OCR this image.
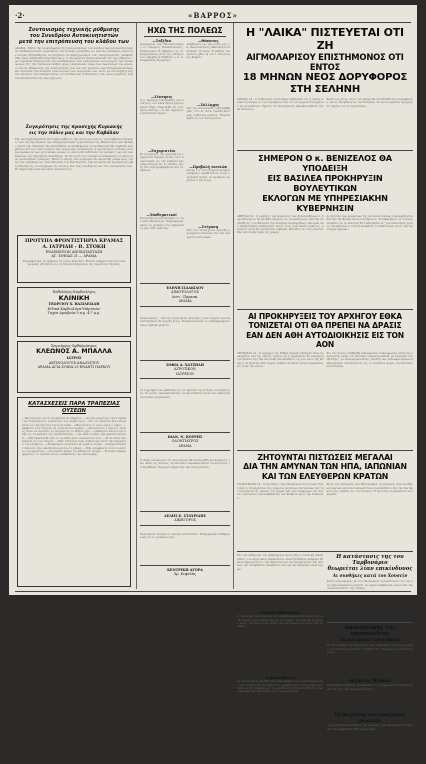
·2·	«ΒΑΡΡΟΣ»
Συντονισμός τεχνικής ρύθμισης
του Συνεδρίου Αυτοκινητιστών
μετά την επιτρόπευση του κλάδου των
ΔΡΑΜΑ · Μετά την ολοκλήρωσιν της επιτροπεύσεως του κλάδου των αυτοκινητιστών αι συνδικαλιστικαί οργανώσεις της πόλεως συνήλθον εις ευρείαν σύσκεψιν, κατά την οποίαν εξητάσθησαν τα ζητήματα τα απασχολούντα τους επαγγελματίας. Απεφασίσθη όπως υποβληθή υπόμνημα προς το Υπουργείον Συγκοινωνιών δια την ρύθμισιν των τεχνικών θεμάτων και την αναθεώρησιν των κανονισμών λειτουργίας των πρακτορείων. Εις την σύσκεψιν έλαβον μέρος εκπρόσωποι όλων των σωματείων του νομού, οι οποίοι εξέφρασαν την ικανοποίησίν των δια την πρόοδον των διαπραγματεύσεων και ετόνισαν την ανάγκην συντονισμού των ενεργειών των, ώστε να επιτευχθή η ταχεία επίλυσις των εκκρεμοτήτων του κλάδου και η βελτίωσις των όρων εργασίας των αυτοκινητιστών της περιοχής μας.
Συγκρότησις της προσεχής Κυριακής
εις την πόλιν μας και την Καβάλαν
Την προσεχή Κυριακήν θα συγκροτηθή εις την πόλιν μας και εις την Καβάλαν σύσκεψις των αντιπροσώπων των επαγγελματικών οργανώσεων της Μακεδονίας και Θράκης. Κατά την σύσκεψιν θα συζητηθούν τα προβλήματα του κλάδου και θα ληφθούν αποφάσεις δια τον συντονισμόν των ενεργειών. Αναμένεται η προσέλευσις πολλών αντιπροσώπων εκ των γειτονικών νομών, οι οποίοι θα εκθέσουν τας απόψεις των επί των θεμάτων της ημερησίας διατάξεως. Η επιτροπή του συνεδρίου παρακαλεί τα μέλη όπως προσέλθουν εγκαίρως. Μετά το πέρας των εργασιών θα παρατεθή γεύμα προς τιμήν των συνέδρων εις την αίθουσαν του ξενοδοχείου. Την επομένην θα πραγματοποιηθή εκδρομή εις τα περίχωρα της πόλεως δια τους συνέδρους και τας οικογενείας των. Η συμμετοχή όλων κρίνεται απαραίτητος.
ΠΡΟΤΥΠΑ ΦΡΟΝΤΙΣΤΗΡΙΑ ΚΡΑΜΑΣ
Α. ΙΑΤΡΙΔΗ - Β. ΣΤΟΚΗ
ΕΝΔΕΙΚΝΥΩΝ ΑΠΟΚΑΤΑΣΤΑΣΗ
ΑΓ. ΣΟΦΙΑΣ 21 — ΔΡΑΜΑ
Εγγραφαί δια τα τμήματα της νέας περιόδου. Ειδικά τμήματα δια τας εισαγωγικάς εξετάσεις εις τα Πανεπιστήμια και τας Ανωτάτας Σχολάς.
Παθολόγος-Καρδιολόγος
ΚΛΙΝΙΚΗ
ΓΕΩΡΓΙΟΥ Χ. ΒΑΣΙΛΕΙΑΔΗ
Ειδικά Καρδιολόγα-Υπέρτασιν
Ταχέα Αμοιβαία 9 π.μ. 4-7 μ.μ.
Χειρούργος Οφθαλμίατρος
ΚΛΕΩΝΟΣ Α. ΜΠΑΛΛΑ
ΙΑΤΡΟΣ
ΑΚΤΙΝΟΛΟΓΟΣ-ΑΝΑΛΥΣΤΟΥ
ΔΡΑΜΑ ΑΓΙΑ ΣΟΦΙΑ 29 ΕΝΑΝΤΙ ΠΑΡΚΟΥ
ΚΑΤΑΣΧΕΣΕΙΣ ΠΑΡΑ ΤΡΑΠΕΖΙΑΣ ΟΥΣΕΩΝ
—Μη ανοίγετε ποτέ μια φιάλην με σφυρίον. —Αν δεν γνωρίζετε πότε πρέπει να σταματήσετε, ερωτήσατε τον σερβιτόρον. —Εις τα τραπέζια δεν επιτρέπεται να ομιλήτε δια την πολιτικήν. —Μην πίνετε το νερό όπως ο ίππος. —Αφήσατε τους άλλους να τελειώσουν πρώτοι. —Απεναντίας ο σωστός τρόπος είναι να κρατάτε το μαχαίρι με το δεξιόν χέρι. —Ουδέποτε κάνετε κριτικήν εις τα φαγητά της οικοδεσποίνης. —Αν είναι σούπα, μην φυσάτε δυνατά. —Μη σηκώνεσθε από το τραπέζι πριν τελειώσουν όλοι. —Η πετσέτα δεν δένεται εις τον λαιμόν. —Μην συζητάτε περί ασθενειών κατά την διάρκειαν του γεύματος. —Αποφεύγετε να μιλάτε με γεμάτο στόμα. —Ευχαριστήσατε πάντοτε την οικοδέσποιναν δια το γεύμα. —Μην αναφέρετε ποτέ το κόστος των φαγητών. —Τα παιδιά πρέπει να κάθωνται ήσυχα. —Η καλή συμπεριφορά εις το τραπέζι είναι ο καθρέπτης της ανατροφής.
ΗΧΩ ΤΗΣ ΠΟΛΕΩΣ
—Ταξίδια
Ανεχώρησε δια Θεσσαλονίκην ο κ. Γεώργιος Παπαδόπουλος. Επέστρεψεν εξ Αθηνών ο κ. Ν. Καραγιάννης μετά της συζύγου του. Αφίχθη εκ Καβάλας ο κ. Δ. Στεφανίδης δικηγόρος.
—Γέννησις
Ο κ. Ιωάννης Παπαδάκης και η σύζυγός του απέκτησαν χαριτωμένον θήλυ. Ευχόμεθα να τους ζήση. Επίσης ο κ. Αθ. Δημητρίου απέκτησεν άρρεν.
—Ευχαριστίαι
Η οικογένεια του αειμνήστου ευχαριστεί θερμώς όλους όσοι παρέστησαν εις την κηδείαν και συμμετέσχον εις το πένθος αυτής δια τηλεγραφημάτων και στεφάνων.
—Υποθεματικοί
Ενοικιάζεται κατάστημα εις την οδόν Βενιζέλου. Πληροφορίαι παρά τω γραφείω της εφημερίδος μας καθ' εκάστην.
—Θάνατος
Απεβίωσεν εις την πόλιν μας ο κ. Κωνσταντίνος Αθανασίου σε ηλικίαν 72 ετών. Η κηδεία του εγένετο χθες εκ του Ι. Ναού Αγίας Σοφίας.
—Σύλληψις
Υπό της Αστυνομίας συνελήφθη χθες ο Π. Κ., διότι ευρέθη κατέχων λαθραίον καπνόν. Παρεπέμφθη εις τον Εισαγγελέα.
—Προβολή ταινιών
Απόψε εις τον κινηματογράφον «Ορφεύς» προβάλλεται η νέα ελληνική ταινία. Αι προβολαί αρχίζουν 7 και 9 μ.μ.
—Στέγαση
Υπό του Υπουργείου εγκρίθη η χορήγησις δανείων δια την ανέγερσιν κατοικιών.
ΕΛΕΝΗ ΙΣΑΑΚΙΔΟΥ
ΑΙΜΟΤΟΛΟΓΟΣ
Δευτ.- Παρασκ.
ΔΡΑΜΑ
Ανακοίνωσις · Από της προσεχούς Δευτέρας η λειτουργία των καταστημάτων θα αρχίζη 8 π.μ. Παρακαλούνται οι ενδιαφερόμενοι όπως λάβουν γνώσιν.
ΣΟΦΙΑ Α. ΧΑΤΖΗΔΗ
ΑΓΡΟΤΙΚΟΝ
ΙΑΤΡΕΙΟΝ
Αι εγγραφαί των μαθητών εις τα σχολεία της πόλεως συνεχίζονται. Οι γονείς παρακαλούνται να προσέλθουν μετά των απαραιτήτων δικαιολογητικών.
ΙΩΑΝ. Ν. ΚΟΥΡΗΣ
ΟΔΟΝΤΙΑΤΡΟΣ
ΔΡΑΜΑ
Ο Δήμος ανακοινοί ότι από αύριον θα διενεργηθή απολύμανσις των οδών της πόλεως. Οι κάτοικοι παρακαλούνται να κλείσουν τα παράθυρα. Ευχαριστούμεν δια την συνεργασίαν.
ΔΕΛΗΣ Ε. ΣΤΑΥΡΙΔΗΣ
ΔΙΚΗΓΟΡΟΣ
Πωλούνται έπιπλα εις καλήν κατάστασιν. Πληροφορίαι καθημερινώς εις το γραφείον μας.
ΚΕΝΤΡΙΚΗ ΑΓΟΡΑ
Χρ. Κεφαλάς
Η "ΛΑΙΚΑ" ΠΙΣΤΕΥΕΤΑΙ ΟΤΙ ΖΗ
ΑΙΓΜΟΛΑΡΙΣΟΥ ΕΠΙΣΤΗΜΟΝΟΣ ΟΤΙ ΕΝΤΟΣ
18 ΜΗΝΩΝ ΝΕΟΣ ΔΟΡΥΦΟΡΟΣ ΣΤΗ ΣΕΛΗΝΗ
ΜΟΣΧΑ 14 · Ο Σοβιετικός επιστήμων εδήλωσεν ότι η σκύλα Λάικα ζη ακόμη εις τον δορυφόρον και ότι τα όργανα συνεχίζουν να μεταδίδουν σήματα. Οι επιστήμονες παρακολουθούν την κατάστασιν.
Κατά τον ίδιον, εντός 18 μηνών θα εκτοξευθή νέος δορυφόρος ο οποίος θα φθάση εις την Σελήνην. Αι προετοιμασίαι προχωρούν ταχέως εις τα εργαστήρια.
ΣΗΜΕΡΟΝ Ο κ. ΒΕΝΙΖΕΛΟΣ ΘΑ ΥΠΟΔΕΙΞΗ
ΕΙΣ ΒΑΣΙΛΕΑ ΠΡΟΚΗΡΥΞΙΝ ΒΟΥΛΕΥΤΙΚΩΝ
ΕΚΛΟΓΩΝ ΜΕ ΥΠΗΡΕΣΙΑΚΗΝ ΚΥΒΕΡΝΗΣΙΝ
ΑΘΗΝΑΙ 14 · Ο αρχηγός του Κόμματος των Φιλελευθέρων κ. Σοφ. Βενιζέλος θα μεταβή σήμερον εις τα Ανάκτορα, όπου θα υποδείξη εις τον Βασιλέα την ανάγκην προκηρύξεως εκλογών υπό υπηρεσιακήν κυβέρνησιν. Κατά τους πολιτικούς κύκλους, η κίνησις αυτή θα προκαλέση σοβαράς εξελίξεις εις την εσωτερικήν πολιτικήν ζωήν της χώρας.
Αι ηγεσίαι των κομμάτων της αντιπολιτεύσεως συνεργάζονται δια την υποβολήν κοινού αιτήματος. Η κυβέρνησις εν τούτοις επιμένει ότι αι εκλογαί θα διεξαχθούν εις τον κανονικόν χρόνον. Αναμένεται η τελική απόφασις του Βασιλέως εντός των προσεχών ημερών.
ΑΙ ΠΡΟΚΗΡΥΞΕΙΣ ΤΟΥ ΑΡΧΗΓΟΥ ΕΘΚΑ
ΤΟΝΙΖΕΤΑΙ ΟΤΙ ΘΑ ΠΡΕΠΕΙ ΝΑ ΔΡΑΣΙΣ
ΕΑΝ ΔΕΝ ΑΘΗ ΑΥΤΟΔΙΟΙΚΗΣΙΣ ΕΙΣ ΤΟΝ ΑΟΝ
ΛΕΥΚΩΣΙΑ 14 · Ο αρχηγός της ΕΟΚΑ Διγενής εξέδωσε νέαν προκήρυξιν, δια της οποίας τονίζει ότι η οργάνωσις θα συνεχίση την δράσιν της εάν δεν δοθή αυτοδιάθεσις εις τον λαόν της Κύπρου. Αι βρεταννικαί αρχαί ελαβον έκτακτα μέτρα ασφαλείας εις όλην την νήσον.
Εις τας πόλεις επεβλήθη απαγόρευσις κυκλοφορίας κατά τας νυκτερινάς ώρας. Οι κάτοικοι παρακολουθούν με αγωνίαν τας εξελίξεις. Αι διαπραγματεύσεις μεταξύ των ενδιαφερομένων κυβερνήσεων συνεχίζονται εις το Λονδίνον χωρίς ουσιαστικόν αποτέλεσμα.
ΖΗΤΟΥΝΤΑΙ ΠΙΣΤΩΣΕΙΣ ΜΕΓΑΛΑΙ
ΔΙΑ ΤΗΝ ΑΜΥΝΑΝ ΤΩΝ ΗΠΑ, ΙΑΠΩΝΙΑΝ
ΚΑΙ ΤΩΝ ΕΛΕΥΘΕΡΩΝ ΚΡΑΤΩΝ
ΟΥΑΣΙΓΚΤΩΝ 14 · Ο Πρόεδρος των Ηνωμένων Πολιτειών ζητεί από το Κογκρέσσον την έγκρισιν μεγάλων πιστώσεων δια την ενίσχυσιν της αμύνης της χώρας και των συμμάχων της. Εις τας πιστώσεις περιλαμβάνεται και βοήθεια προς την Ιαπωνίαν.
Κατά τον Υπουργόν των Εξωτερικών, η ενίσχυσις των ελευθέρων κρατών αποτελεί απαραίτητον προϋπόθεσιν δια την διατήρησιν της ειρήνης εις τον κόσμον. Η πρότασις αναμένεται να εγκριθή.
Εις την αίθουσαν του Δημαρχείου έγινε χθες η τακτική συνεδρίασις του Δημοτικού Συμβουλίου. Συνεζητήθησαν διάφορα θέματα αφορώντα εις την ύδρευσιν και την αποχέτευσιν της πόλεως, και ελήφθησαν αποφάσεις δια την κατασκευήν νέων έργων.
ΟΛΟΚΛΗΡΩΣΕΩΣ
Ο νομάρχης ανακοίνωσεν ότι εγκρίθησαν κονδύλια δια την ολοκλήρωσιν των οδικών έργων του νομού. Τα έργα θα αρχίσουν εντός του προσεχούς μηνός και θα διαρκέσουν περί τους έξ μήνας.
Συναντήσεις
Αι συναντήσεις μεταξύ των εκπροσώπων των εργαζομένων και των εργοδοτών συνεχίζονται. Αναμένεται η υπογραφή νέας συλλογικής συμβάσεως. Οι εργαζόμενοι ζητούν αυξήσεις των αποδοχών και βελτίωσιν των όρων εργασίας.
Η κατάστασις της του Ταρβονάριο
θεωρείται λίαν επικίνδυνος
Αι συνθήκες κατά του Χουσείν
Κατά πληροφορίας εκ του εξωτερικού, η κατάστασις εις την περιοχήν παραμένει ρευστή. Αι αρχαί λαμβάνουν μέτρα δια την αποκατάστασιν της τάξεως.
Απολογισμός της ομοσπονδίας
Τα πολεμικά των Ιταλών
Η ομοσπονδία των επαγγελματιών ανακοινοί τον απολογισμόν της δράσεώς της κατά το λήξαν έτος. Εγένοντο πολλαί ενέργειαι.
Αυξήσεις Μισθών
Εγκρίθησαν αυξήσεις μισθών δια τους δημοσίους υπαλλήλους από της 1ης του προσεχούς μηνός.
Τα παιχνίδια των αναρχικών
ΕΝΔΕΙΞΙΣ
Αι αρχαί παρακολουθούν τας κινήσεις των αναρχικών στοιχείων. Συνελήφθησαν ήδη τρία άτομα.
